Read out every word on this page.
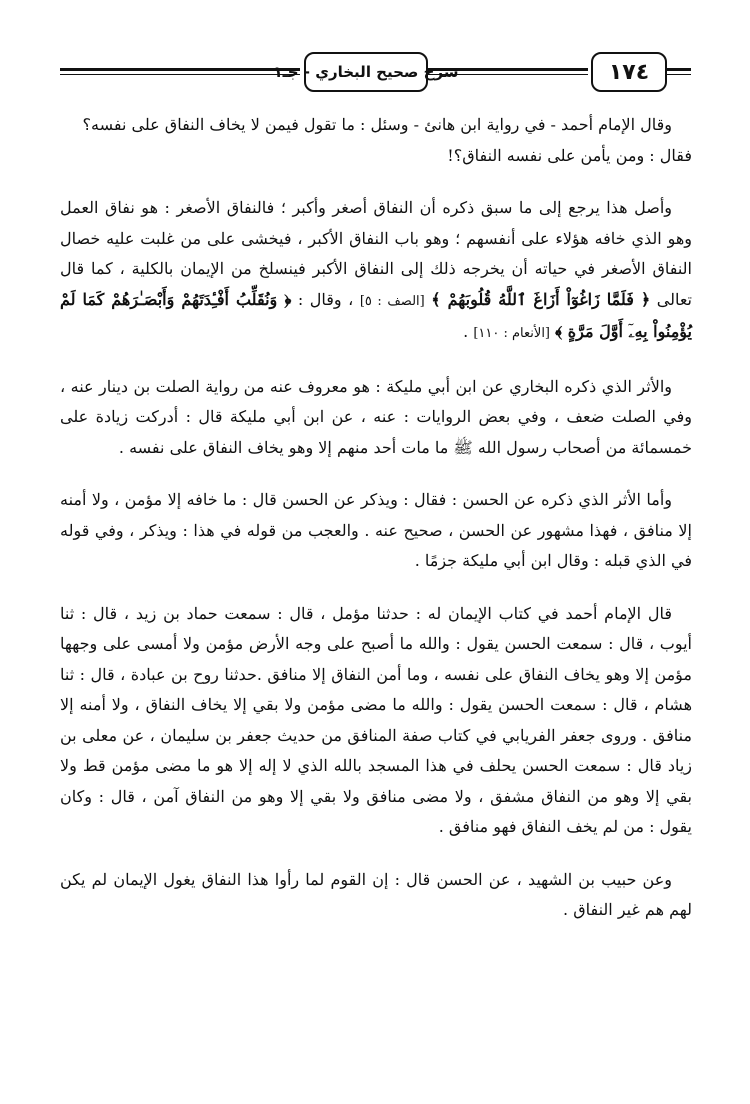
شرح صحيح البخاري - جـ١	١٧٤

وقال الإمام أحمد - في رواية ابن هانئ - وسئل : ما تقول فيمن لا يخاف النفاق على نفسه؟

فقال : ومن يأمن على نفسه النفاق؟!

وأصل هذا يرجع إلى ما سبق ذكره أن النفاق أصغر وأكبر ؛ فالنفاق الأصغر : هو نفاق العمل وهو الذي خافه هؤلاء على أنفسهم ؛ وهو باب النفاق الأكبر ، فيخشى على من غلبت عليه خصال النفاق الأصغر في حياته أن يخرجه ذلك إلى النفاق الأكبر فينسلخ من الإيمان بالكلية ، كما قال تعالى ﴿ فَلَمَّا زَاغُوٓاْ أَزَاغَ ٱللَّهُ قُلُوبَهُمْ ﴾ [الصف : ٥] ، وقال : ﴿ وَنُقَلِّبُ أَفْـِٔدَتَهُمْ وَأَبْصَـٰرَهُمْ كَمَا لَمْ يُؤْمِنُواْ بِهِۦٓ أَوَّلَ مَرَّةٍ ﴾ [الأنعام : ١١٠] .
والأثر الذي ذكره البخاري عن ابن أبي مليكة : هو معروف عنه من رواية الصلت بن دينار عنه ، وفي الصلت ضعف ، وفي بعض الروايات : عنه ، عن ابن أبي مليكة قال : أدركت زيادة على خمسمائة من أصحاب رسول الله ﷺ ما مات أحد منهم إلا وهو يخاف النفاق على نفسه .
وأما الأثر الذي ذكره عن الحسن : فقال : ويذكر عن الحسن قال : ما خافه إلا مؤمن ، ولا أمنه إلا منافق ، فهذا مشهور عن الحسن ، صحيح عنه . والعجب من قوله في هذا : ويذكر ، وفي قوله في الذي قبله : وقال ابن أبي مليكة جزمًا .
قال الإمام أحمد في كتاب الإيمان له : حدثنا مؤمل ، قال : سمعت حماد بن زيد ، قال : ثنا أيوب ، قال : سمعت الحسن يقول : والله ما أصبح على وجه الأرض مؤمن ولا أمسى على وجهها مؤمن إلا وهو يخاف النفاق على نفسه ، وما أمن النفاق إلا منافق .حدثنا روح بن عبادة ، قال : ثنا هشام ، قال : سمعت الحسن يقول : والله ما مضى مؤمن ولا بقي إلا يخاف النفاق ، ولا أمنه إلا منافق . وروى جعفر الفريابي في كتاب صفة المنافق من حديث جعفر بن سليمان ، عن معلى بن زياد قال : سمعت الحسن يحلف في هذا المسجد بالله الذي لا إله إلا هو ما مضى مؤمن قط ولا بقي إلا وهو من النفاق مشفق ، ولا مضى منافق ولا بقي إلا وهو من النفاق آمن ، قال : وكان يقول : من لم يخف النفاق فهو منافق .
وعن حبيب بن الشهيد ، عن الحسن قال : إن القوم لما رأوا هذا النفاق يغول الإيمان لم يكن لهم هم غير النفاق .
